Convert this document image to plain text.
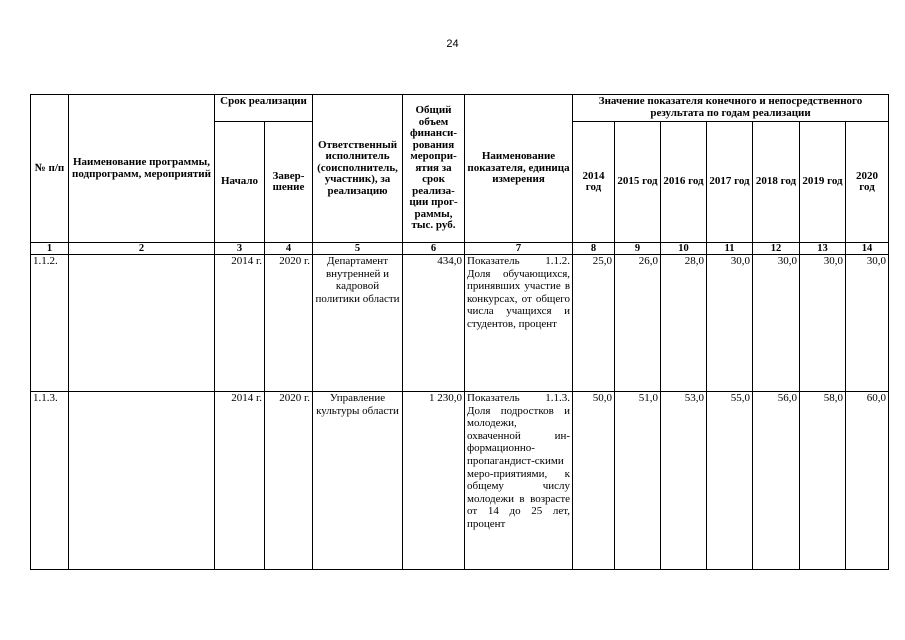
24
№ п/п	Наименование программы, подпрограмм, мероприятий	Срок реализации		Ответственный исполнитель (соисполнитель, участник), за реализацию	Общий объем финанси-рования меропри-ятия за срок реализа-ции прог-раммы, тыс. руб.	Наименование показателя, единица измерения	Значение показателя конечного и непосредственного результата по годам реализации						
		Начало	Завер-шение				2014 год	2015 год	2016 год	2017 год	2018 год	2019 год	2020 год
1	2	3	4	5	6	7	8	9	10	11	12	13	14
1.1.2.		2014 г.	2020 г.	Департамент внутренней и кадровой политики области	434,0	Показатель 1.1.2. Доля обучающихся, принявших участие в конкурсах, от общего числа учащихся и студентов, процент	25,0	26,0	28,0	30,0	30,0	30,0	30,0
1.1.3.		2014 г.	2020 г.	Управление культуры области	1 230,0	Показатель 1.1.3. Доля подростков и молодежи, охваченной ин-формационно-пропагандист-скими меро-приятиями, к общему числу молодежи в возрасте от 14 до 25 лет, процент	50,0	51,0	53,0	55,0	56,0	58,0	60,0
